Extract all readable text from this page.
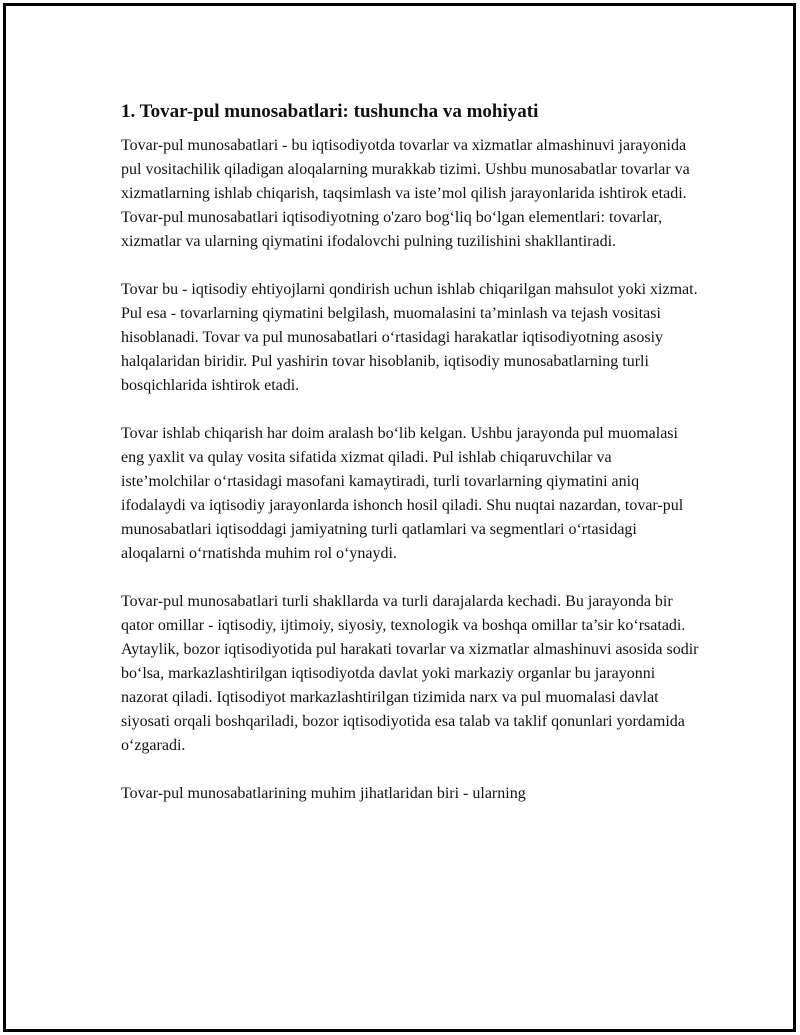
1. Tovar-pul munosabatlari: tushuncha va mohiyati

Tovar-pul munosabatlari - bu iqtisodiyotda tovarlar va xizmatlar almashinuvi jarayonida pul vositachilik qiladigan aloqalarning murakkab tizimi. Ushbu munosabatlar tovarlar va xizmatlarning ishlab chiqarish, taqsimlash va iste’mol qilish jarayonlarida ishtirok etadi. Tovar-pul munosabatlari iqtisodiyotning o'zaro bog‘liq bo‘lgan elementlari: tovarlar, xizmatlar va ularning qiymatini ifodalovchi pulning tuzilishini shakllantiradi.

Tovar bu - iqtisodiy ehtiyojlarni qondirish uchun ishlab chiqarilgan mahsulot yoki xizmat. Pul esa - tovarlarning qiymatini belgilash, muomalasini ta’minlash va tejash vositasi hisoblanadi. Tovar va pul munosabatlari o‘rtasidagi harakatlar iqtisodiyotning asosiy halqalaridan biridir. Pul yashirin tovar hisoblanib, iqtisodiy munosabatlarning turli bosqichlarida ishtirok etadi.

Tovar ishlab chiqarish har doim aralash bo‘lib kelgan. Ushbu jarayonda pul muomalasi eng yaxlit va qulay vosita sifatida xizmat qiladi. Pul ishlab chiqaruvchilar va iste’molchilar o‘rtasidagi masofani kamaytiradi, turli tovarlarning qiymatini aniq ifodalaydi va iqtisodiy jarayonlarda ishonch hosil qiladi. Shu nuqtai nazardan, tovar-pul munosabatlari iqtisoddagi jamiyatning turli qatlamlari va segmentlari o‘rtasidagi aloqalarni o‘rnatishda muhim rol o‘ynaydi.

Tovar-pul munosabatlari turli shakllarda va turli darajalarda kechadi. Bu jarayonda bir qator omillar - iqtisodiy, ijtimoiy, siyosiy, texnologik va boshqa omillar ta’sir ko‘rsatadi. Aytaylik, bozor iqtisodiyotida pul harakati tovarlar va xizmatlar almashinuvi asosida sodir bo‘lsa, markazlashtirilgan iqtisodiyotda davlat yoki markaziy organlar bu jarayonni nazorat qiladi. Iqtisodiyot markazlashtirilgan tizimida narx va pul muomalasi davlat siyosati orqali boshqariladi, bozor iqtisodiyotida esa talab va taklif qonunlari yordamida o‘zgaradi.

Tovar-pul munosabatlarining muhim jihatlaridan biri - ularning
